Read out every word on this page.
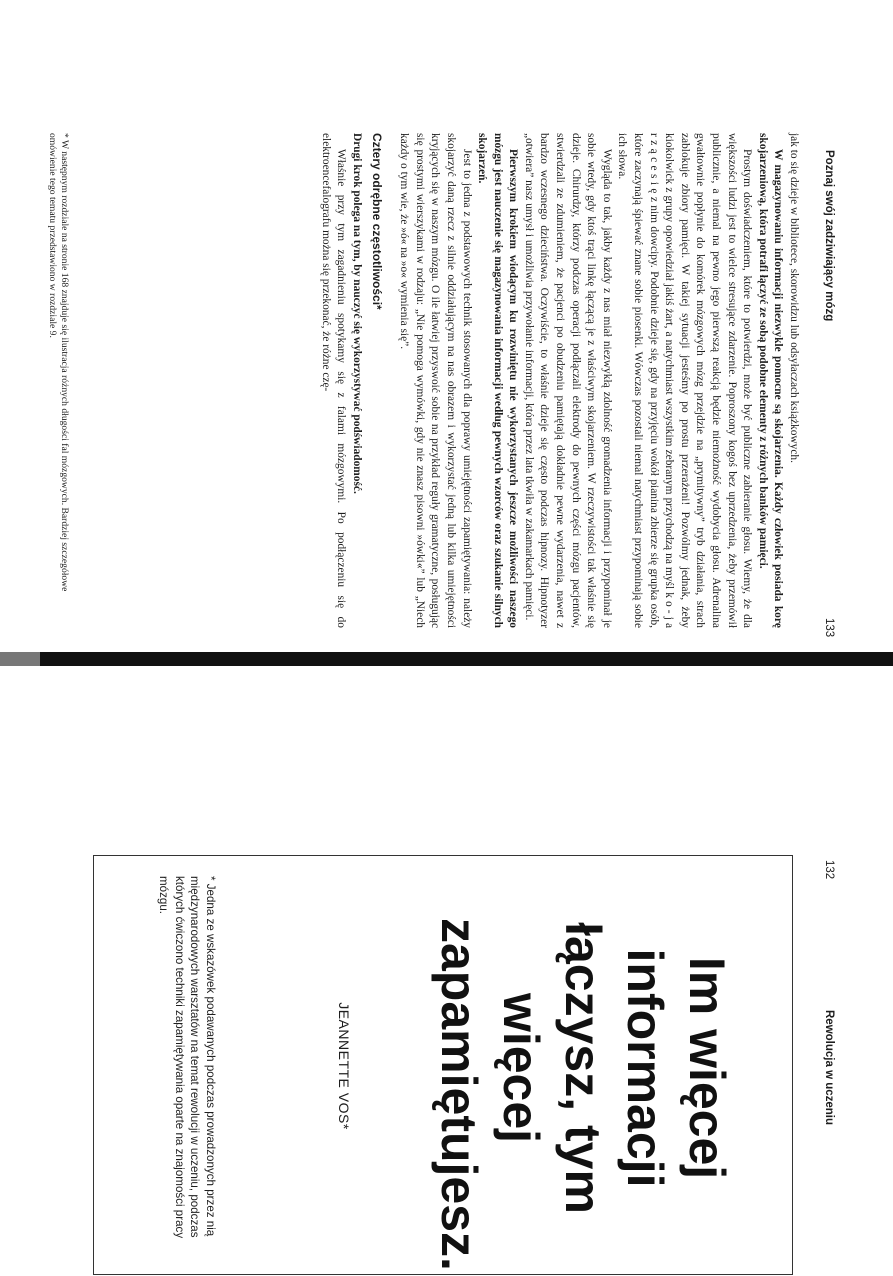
Poznaj swój zadziwiający mózg
133

jak to się dzieje w bibliotece, skorowidzu lub odsyłaczach książkowych.

W magazynowaniu informacji niezwykle pomocne są skojarzenia. Każdy człowiek posiada korę skojarzeniową, która potrafi łączyć ze sobą podobne elementy z różnych banków pamięci.

Prostym doświadczeniem, które to potwierdzi, może być publiczne zabieranie głosu. Wiemy, że dla większości ludzi jest to wielce stresujące zdarzenie. Poproszony kogoś bez uprzedzenia, żeby przemówił publicznie, a niemal na pewno jego pierwszą reakcją będzie niemożność wydobycia głosu. Adrenalina gwałtownie popłynie do komórek mózgowych mózg przejdzie na „prymitywny” tryb działania, strach zablokuje zbiory pamięci. W takiej sytuacji jesteśmy po prostu przerażeni! Pozwólmy jednak, żeby kiokolwick z grupy opowiedział jakiś żart, a natychmiast wszystkim zebranym przychodzą na myśl k o - j a r z ą c e s i ę z nim dowcipy. Podobnie dzieje się, gdy na przyjęciu wokół pianina zbierze się grupka osób, które zaczynają śpiewać znane sobie piosenki. Wówczas pozostali niemal natychmiast przypominają sobie ich słowa.

Wygląda to tak, jakby każdy z nas miał niezwykłą zdolność gromadzenia informacji i przypominał je sobie wtedy, gdy ktoś trąci linkę łączącą je z właściwym skojarzeniem. W rzeczywistości tak właśnie się dzieje. Chirurdzy, którzy podczas operacji podłączali elektrody do pewnych części mózgu pacjentów, stwierdzali ze zdumieniem, że pacjenci po obudzeniu pamiętają dokładnie pewne wydarzenia, nawet z bardzo wczesnego dzieciństwa. Oczywiście, to właśnie dzieje się często podczas hipnozy. Hipnotyzer „otwiera” nasz umysł i umożliwia przywołanie informacji, która przez lata tkwiła w zakamarkach pamięci.

Pierwszym krokiem wiodącym ku rozwiniętu nie wykorzystanych jeszcze możliwości naszego mózgu jest nauczenie się magazynowania informacji według pewnych wzorców oraz szukanie silnych skojarzeń.

Jest to jedna z podstawowych technik stosowanych dla poprawy umiejętności zapamiętywania: należy skojarzyć daną rzecz z silnie oddziałującym na nas obrazem i wykorzystać jedną lub kilka umiejętności kryjących się w naszym mózgu. O ile łatwiej przyswoić sobie na przykład reguły gramatyczne, posługując się prostymi wierszykami w rodzaju: „Nie pomoga wymówki, gdy nie znasz pisowni »ówki«” lub „Niech każdy o tym wie, że »ó« na »o« wymienia się”.

Cztery odrębne częstotliwości*

Drugi krok polega na tym, by nauczyć się wykorzystywać podświadomość.

Właśnie przy tym zagadnieniu spotykamy się z falami mózgowymi. Po podłączeniu się do elektroencefalografu można się przekonać, że różne czę-

* W następnym rozdziale na stronie 168 znajduje się ilustracja różnych długości fal mózgowych. Bardziej szczegółowe omówienie tego tematu przedstawiono w rozdziale 9.
132
Rewolucja w uczeniu
Im więcej
informacji
łączysz, tym
więcej
zapamiętujesz.
JEANNETTE VOS*
* Jedna ze wskazówek podawanych podczas prowadzonych przez nią międzynarodowych warsztatów na temat rewolucji w uczeniu, podczas których ćwiczono techniki zapamiętywania oparte na znajomości pracy mózgu.
